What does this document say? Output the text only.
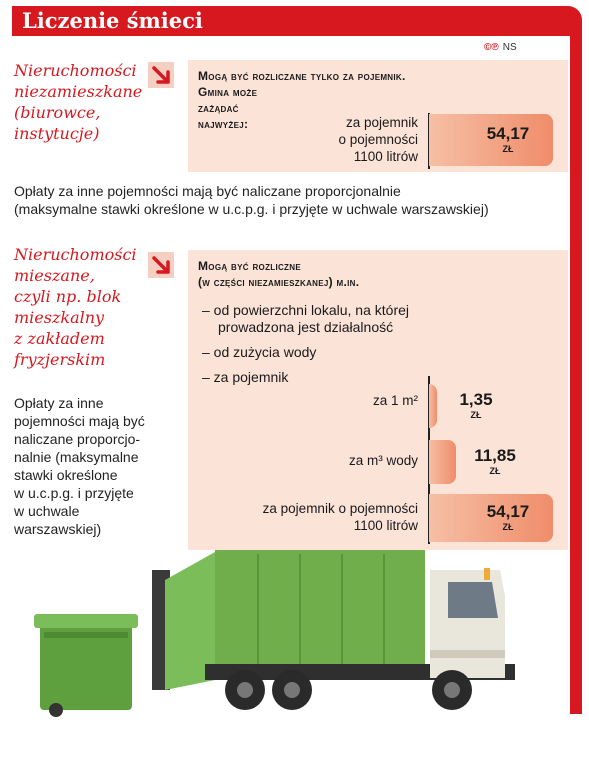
Liczenie śmieci
©℗ NS
Nieruchomości
niezamieszkane
(biurowce,
instytucje)
Mogą być rozliczane tylko za pojemnik.
Gmina może
zażądać
najwyżej:	za pojemnik
o pojemności
1100 litrów
54,17
ZŁ
Opłaty za inne pojemności mają być naliczane proporcjonalnie
(maksymalne stawki określone w u.c.p.g. i przyjęte w uchwale warszawskiej)
Nieruchomości
mieszane,
czyli np. blok
mieszkalny
z zakładem
fryzjerskim
Mogą być rozliczne
(w części niezamieszkanej) m.in.
– od powierzchni lokalu, na której
prowadzona jest działalność
– od zużycia wody
– za pojemnik
za 1 m²
za m³ wody
za pojemnik o pojemności
1100 litrów
1,35
ZŁ
11,85
ZŁ
54,17
ZŁ
Opłaty za inne
pojemności mają być
naliczane proporcjo-
nalnie (maksymalne
stawki określone
w u.c.p.g. i przyjęte
w uchwale
warszawskiej)
